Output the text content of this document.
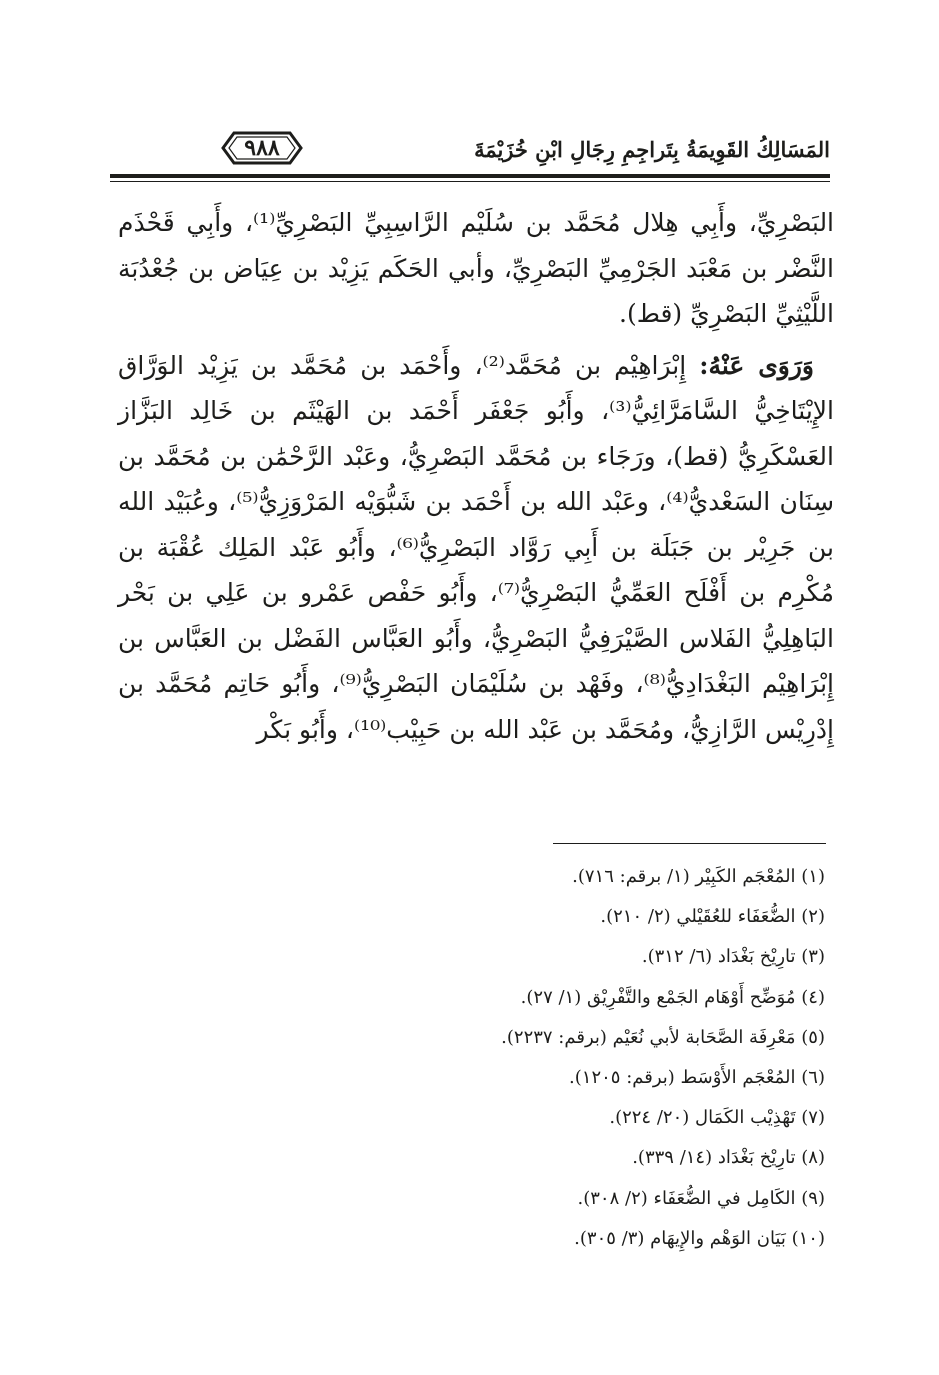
المَسَالِكُ القَوِيمَةُ بِتَراجِمِ رِجَالِ ابْنِ خُزَيْمَةَ
٩٨٨

البَصْرِيِّ، وأَبِي هِلال مُحَمَّد بن سُلَيْم الرَّاسِبِيِّ البَصْرِيِّ⁽¹⁾، وأَبِي قَحْذَم النَّضْر بن مَعْبَد الجَرْمِيِّ البَصْرِيِّ، وأبي الحَكَم يَزِيْد بن عِيَاض بن جُعْدُبَة اللَّيْثِيِّ البَصْرِيِّ (قط).

وَرَوَى عَنْهُ: إِبْرَاهِيْم بن مُحَمَّد⁽²⁾، وأَحْمَد بن مُحَمَّد بن يَزِيْد الوَرَّاق الإِيْتَاخِيُّ السَّامَرَّائِيُّ⁽³⁾، وأَبُو جَعْفَر أَحْمَد بن الهَيْثَم بن خَالِد البَزَّاز العَسْكَرِيُّ (قط)، ورَجَاء بن مُحَمَّد البَصْرِيُّ، وعَبْد الرَّحْمَٰن بن مُحَمَّد بن سِنَان السَعْديُّ⁽⁴⁾، وعَبْد الله بن أَحْمَد بن شَبُّوَيْه المَرْوَزِيُّ⁽⁵⁾، وعُبَيْد الله بن جَرِيْر بن جَبَلَة بن أَبِي رَوَّاد البَصْرِيُّ⁽⁶⁾، وأَبُو عَبْد المَلِك عُقْبَة بن مُكْرِم بن أَفْلَح العَمِّيُّ البَصْرِيُّ⁽⁷⁾، وأَبُو حَفْص عَمْرو بن عَلِي بن بَحْر البَاهِلِيُّ الفَلاس الصَّيْرَفِيُّ البَصْرِيُّ، وأَبُو العَبَّاس الفَضْل بن العَبَّاس بن إِبْرَاهِيْم البَغْدَادِيُّ⁽⁸⁾، وفَهْد بن سُلَيْمَان البَصْرِيُّ⁽⁹⁾، وأَبُو حَاتِم مُحَمَّد بن إِدْرِيْس الرَّازِيُّ، ومُحَمَّد بن عَبْد الله بن حَبِيْب⁽¹⁰⁾، وأَبُو بَكْر

(١) المُعْجَم الكَبِيْر (١/ برقم: ٧١٦).
(٢) الضُّعَفَاء للعُقَيْلي (٢/ ٢١٠).
(٣) تارِيْخ بَغْدَاد (٦/ ٣١٢).
(٤) مُوَضِّح أَوْهَام الجَمْع والتَّفْرِيْق (١/ ٢٧).
(٥) مَعْرِفَة الصَّحَابة لأبي نُعَيْم (برقم: ٢٢٣٧).
(٦) المُعْجَم الأَوْسَط (برقم: ١٢٠٥).
(٧) تَهْذِيْب الكَمَال (٢٠/ ٢٢٤).
(٨) تارِيْخ بَغْدَاد (١٤/ ٣٣٩).
(٩) الكَامِل في الضُّعَفَاء (٢/ ٣٠٨).
(١٠) بَيَان الوَهْم والإِيهَام (٣/ ٣٠٥).
